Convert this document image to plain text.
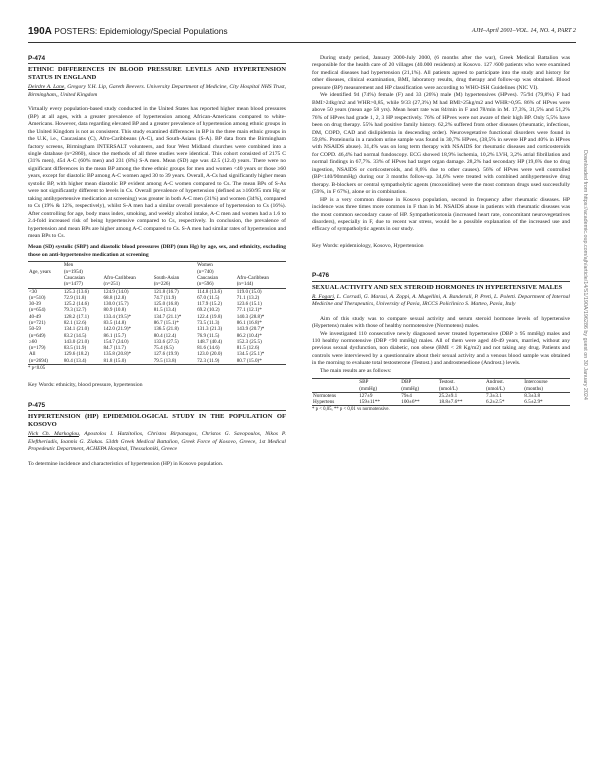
190A POSTERS: Epidemiology/Special Populations	AJH–April 2001–VOL. 14, NO. 4, PART 2
P-474
ETHNIC DIFFERENCES IN BLOOD PRESSURE LEVELS AND HYPERTENSION STATUS IN ENGLAND
Deirdre A. Lane, Gregory Y.H. Lip, Gareth Beevers. University Department of Medicine, City Hospital NHS Trust, Birmingham,, United Kingdom
Virtually every population-based study conducted in the United States has reported higher mean blood pressures (BP) at all ages, with a greater prevalence of hypertension among African-Americans compared to white-Americans. However, data regarding elevated BP and a greater prevalence of hypertension among ethnic groups in the United Kingdom is not as consistent. This study examined differences in BP in the three main ethnic groups in the U.K, i.e., Caucasians (C), Afro-Caribbeans (A-C), and South-Asians (S-A). BP data from the Birmingham factory screens, Birmingham INTERSALT volunteers, and four West Midland churches were combined into a single database (n=2860), since the methods of all three studies were identical. This cohort consisted of 2175 C (31% men), 454 A-C (60% men) and 231 (8%) S-A men. Mean (SD) age was 42.5 (12.4) years. There were no significant differences in the mean BP among the three ethnic groups for men and women <40 years or those ≥60 years, except for diastolic BP among A-C women aged 30 to 39 years. Overall, A-Cs had significantly higher mean systolic BP, with higher mean diastolic BP evident among A-C women compared to Cs. The mean BPs of S-As were not significantly different to levels in Cs. Overall prevalence of hypertension (defined as ≥160/95 mm Hg or taking antihypertensive medication at screening) was greater in both A-C men (31%) and women (34%), compared to Cs (19% & 12%, respectively), whilst S-A men had a similar overall prevalence of hypertension to Cs (16%). After controlling for age, body mass index, smoking, and weekly alcohol intake, A-C men and women had a 1.6 to 2.4-fold increased risk of being hypertensive compared to Cs, respectively. In conclusion, the prevalence of hypertension and mean BPs are higher among A-C compared to Cs. S-A men had similar rates of hypertension and mean BPs to Cs.
Mean (SD) systolic (SBP) and diastolic blood pressures (DBP) (mm Hg) by age, sex, and ethnicity, excluding those on anti-hypertensive medication at screening
	Men			Women	
Age, years	(n=1954)			(n=740)	
	Caucasian	Afro-Caribbean	South-Asian	Caucasian	Afro-Caribbean
	(n=1477)	(n=251)	(n=226)	(n=596)	(n=144)
<30	125.3 (13.6)	124.9 (14.0)	121.8 (16.7)	114.8 (13.6)	119.0 (15.0)
(n=510)	72.9 (11.8)	68.8 (12.8)	74.7 (11.9)	67.0 (11.5)	71.1 (13.2)
30-39	125.2 (14.6)	130.0 (15.7)	125.0 (16.8)	117.9 (15.2)	123.6 (15.1)
(n=654)	79.3 (12.7)	80.9 (10.8)	81.5 (13.4)	69.2 (10.2)	77.1 (12.1)*
40-49	128.2 (17.1)	133.4 (19.5)*	134.7 (21.1)*	122.4 (19.8)	140.3 (28.8)*
(n=721)	82.1 (12.6)	83.5 (14.8)	86.7 (15.1)*	73.5 (11.3)	86.1 (16.8)*
50-59	134.1 (21.0)	142.0 (21.9)*	136.5 (21.8)	131.3 (21.3)	143.9 (20.7)*
(n=649)	83.2 (14.5)	86.1 (15.7)	80.4 (12.4)	76.9 (11.5)	86.2 (10.4)*
≥60	143.0 (21.0)	154.7 (24.0)	133.6 (27.5)	148.7 (40.4)	152.3 (25.5)
(n=179)	83.5 (11.9)	84.7 (11.7)	75.4 (6.5)	81.6 (14.6)	81.5 (12.6)
All	129.6 (18.2)	135.8 (20.8)*	127.6 (19.9)	123.0 (20.0)	134.5 (25.1)*
(n=2694)	80.4 (13.4)	81.8 (15.0)	79.5 (13.8)	72.3 (11.9)	80.7 (15.0)*
* p<0.05
Key Words: ethnicity, blood pressure, hypertension
P-475
HYPERTENSION (HP) EPIDEMIOLOGICAL STUDY IN THE POPULATION OF KOSOVO
Nick Ch. Markoglou, Apostolos I. Hatzitolios, Christos Birpanagos, Christos G. Savopoulos, Nikos P. Eleftheriadis, Ioannis G. Ziakas. 534th Greek Medical Battalion, Greek Force of Kosovo, Greece, 1st Medical Propedeutic Department, ACHEPA Hospital, Thessaloniki, Greece
To determine incidence and characteristics of hypertension (HP) in Kosovo population.
During study period, January 2000-July 2000, (6 months after the war), Greek Medical Battalion was responsible for the health care of 20 villages (40.000 residents) at Kosovo. 127 /600 patients who were examined for medical diseases had hypertension (21,1%). All patients agreed to participate into the study and history for other diseases, clinical examination, BMI, laboratory results, drug therapy and follow-up was obtained. Blood pressure (BP) measurement and HP classification were according to WHO-ISH Guidelines (NIC VI).
We identified 94 (74%) female (F) and 33 (26%) male (M) hypertensives (HPves). 75/94 (79,8%) F had BMI>24kg/m2 and WHR>0,85, while 9/33 (27,3%) M had BMI>25kg/m2 and WHR>0,95. 86% of HPves were above 50 years (mean age 58 yrs). Mean heart rate was 84/min in F and 78/min in M. 17,3%, 31,5% and 51,2% 76% of HPves had grade 1, 2, 3 HP respectively. 76% of HPves were not aware of their high BP. Only 5,5% have been on drug therapy. 55% had positive family history. 62,2% suffered from other diseases (rheumatic, infectious, DM, COPD, CAD and dislipidemia in descending order). Neurovegetative functional disorders were found in 59,8%. Proteinuria in a random urine sample was found in 30,7% HPves, (38,5% in severe HP and 40% in HPves with NSAIDS abuse). 31,4% was on long term therapy with NSAIDS for rheumatic diseases and corticosteroids for COPD. 46,4% had normal fundoscopy. ECG showed 18,9% ischemia, 10,2% LVH, 3,2% atrial fibrillation and normal findings in 67,7%. 33% of HPves had target organ damage. 28,2% had secondary HP (19,6% due to drug ingestion, NSAIDS or corticosteroids, and 8,6% due to other causes). 56% of HPves were well controlled (BP<140/90mmHg) during our 3 months follow-up. 34,6% were treated with combined antihypertensive drug therapy. B-blockers or central sympatholytic agents (moxonidine) were the most common drugs used successfully (59%, in F 67%), alone or in combination.
HP is a very common disease in Kosovo population, second in frequency after rheumatic diseases. HP incidence was three times more common in F than in M. NSAIDS abuse in patients with rheumatic diseases was the most common secondary cause of HP. Sympatheticotonia (increased heart rate, concomitant neurovegetatives disorders), especially in F, due to recent war stress, would be a possible explanation of the increased use and efficacy of sympatholytic agents in our study.
Key Words: epidemiology, Kosovo, Hypertension
P-476
SEXUAL ACTIVITY AND SEX STEROID HORMONES IN HYPERTENSIVE MALES
R. Fogari, L. Corradi, G. Marasi, A. Zoppi, A. Mugellini, A. Banderali, P. Preti, L. Poletti. Department of Internal Medicine and Therapeutics, University of Pavia, IRCCS Policlinico S. Matteo, Pavia, Italy
Aim of this study was to compare sexual activity and serum steroid hormone levels of hypertensive (Hypertens) males with those of healthy normotensive (Normotens) males.
We investigated 110 consecutive newly diagnosed never treated hypertensive (DBP ≥ 95 mmHg) males and 110 healthy normotensive (DBP <90 mmHg) males. All of them were aged 40-49 years, married, without any previous sexual dysfunction, non diabetic, non obese (BMI < 28 Kg/m2) and not taking any drug. Patients and controls were interviewed by a questionnaire about their sexual activity and a venous blood sample was obtained in the morning to evaluate total testosterone (Testost.) and androstenedione (Androst.) levels.
The main results are as follows:
	SBP	DBP	Testost.	Androst.	Intercourse
	(mmHg)	(mmHg)	(nmol/L)	(nmol/L)	(months)
Normotens	127±9	79±4	25.2±9.1	7.3±3.1	8.3±3.8
Hypertens	159±11**	100±6**	18.8±7.6**	6.2±2.5*	6.5±2.9*
* p < 0,05, ** p < 0,01 vs normotensive.
Downloaded from https://academic.oup.com/ajh/article/14/S1/190A/196286 by guest on 30 January 2024
